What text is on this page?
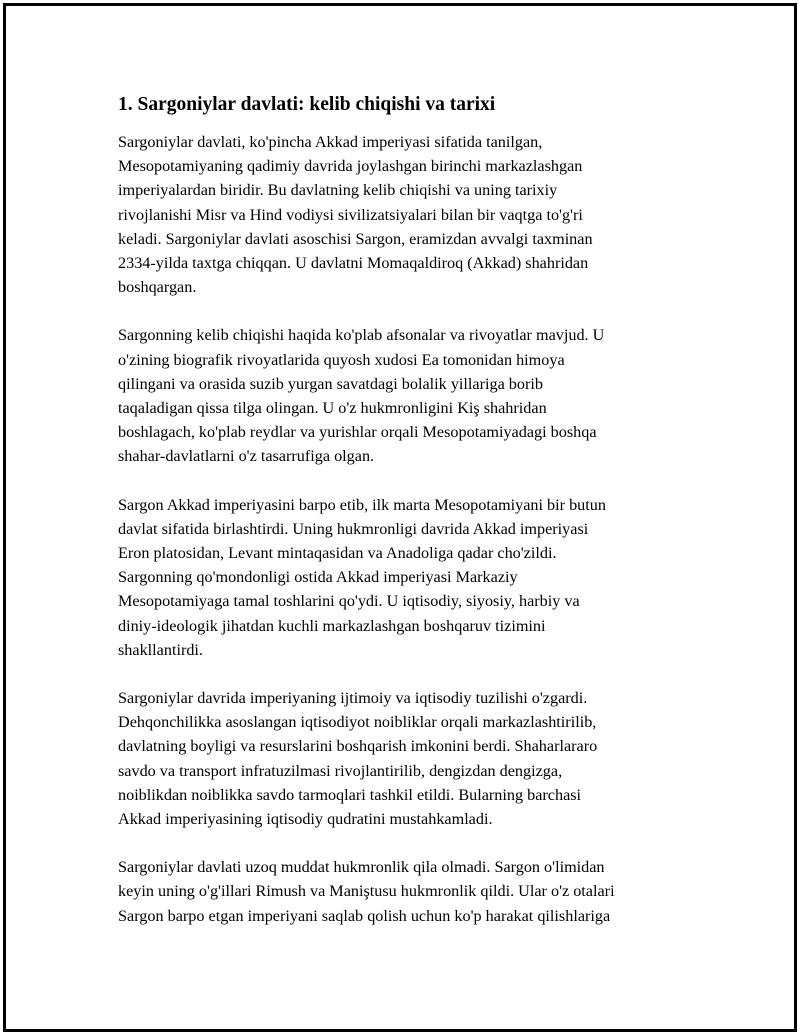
1. Sargoniylar davlati: kelib chiqishi va tarixi

Sargoniylar davlati, ko'pincha Akkad imperiyasi sifatida tanilgan,
Mesopotamiyaning qadimiy davrida joylashgan birinchi markazlashgan
imperiyalardan biridir. Bu davlatning kelib chiqishi va uning tarixiy
rivojlanishi Misr va Hind vodiysi sivilizatsiyalari bilan bir vaqtga to'g'ri
keladi. Sargoniylar davlati asoschisi Sargon, eramizdan avvalgi taxminan
2334-yilda taxtga chiqqan. U davlatni Momaqaldiroq (Akkad) shahridan
boshqargan.

Sargonning kelib chiqishi haqida ko'plab afsonalar va rivoyatlar mavjud. U
o'zining biografik rivoyatlarida quyosh xudosi Ea tomonidan himoya
qilingani va orasida suzib yurgan savatdagi bolalik yillariga borib
taqaladigan qissa tilga olingan. U o'z hukmronligini Kiş shahridan
boshlagach, ko'plab reydlar va yurishlar orqali Mesopotamiyadagi boshqa
shahar-davlatlarni o'z tasarrufiga olgan.

Sargon Akkad imperiyasini barpo etib, ilk marta Mesopotamiyani bir butun
davlat sifatida birlashtirdi. Uning hukmronligi davrida Akkad imperiyasi
Eron platosidan, Levant mintaqasidan va Anadoliga qadar cho'zildi.
Sargonning qo'mondonligi ostida Akkad imperiyasi Markaziy
Mesopotamiyaga tamal toshlarini qo'ydi. U iqtisodiy, siyosiy, harbiy va
diniy-ideologik jihatdan kuchli markazlashgan boshqaruv tizimini
shakllantirdi.

Sargoniylar davrida imperiyaning ijtimoiy va iqtisodiy tuzilishi o'zgardi.
Dehqonchilikka asoslangan iqtisodiyot noibliklar orqali markazlashtirilib,
davlatning boyligi va resurslarini boshqarish imkonini berdi. Shaharlararo
savdo va transport infratuzilmasi rivojlantirilib, dengizdan dengizga,
noiblikdan noiblikka savdo tarmoqlari tashkil etildi. Bularning barchasi
Akkad imperiyasining iqtisodiy qudratini mustahkamladi.

Sargoniylar davlati uzoq muddat hukmronlik qila olmadi. Sargon o'limidan
keyin uning o'g'illari Rimush va Maniştusu hukmronlik qildi. Ular o'z otalari
Sargon barpo etgan imperiyani saqlab qolish uchun ko'p harakat qilishlariga
